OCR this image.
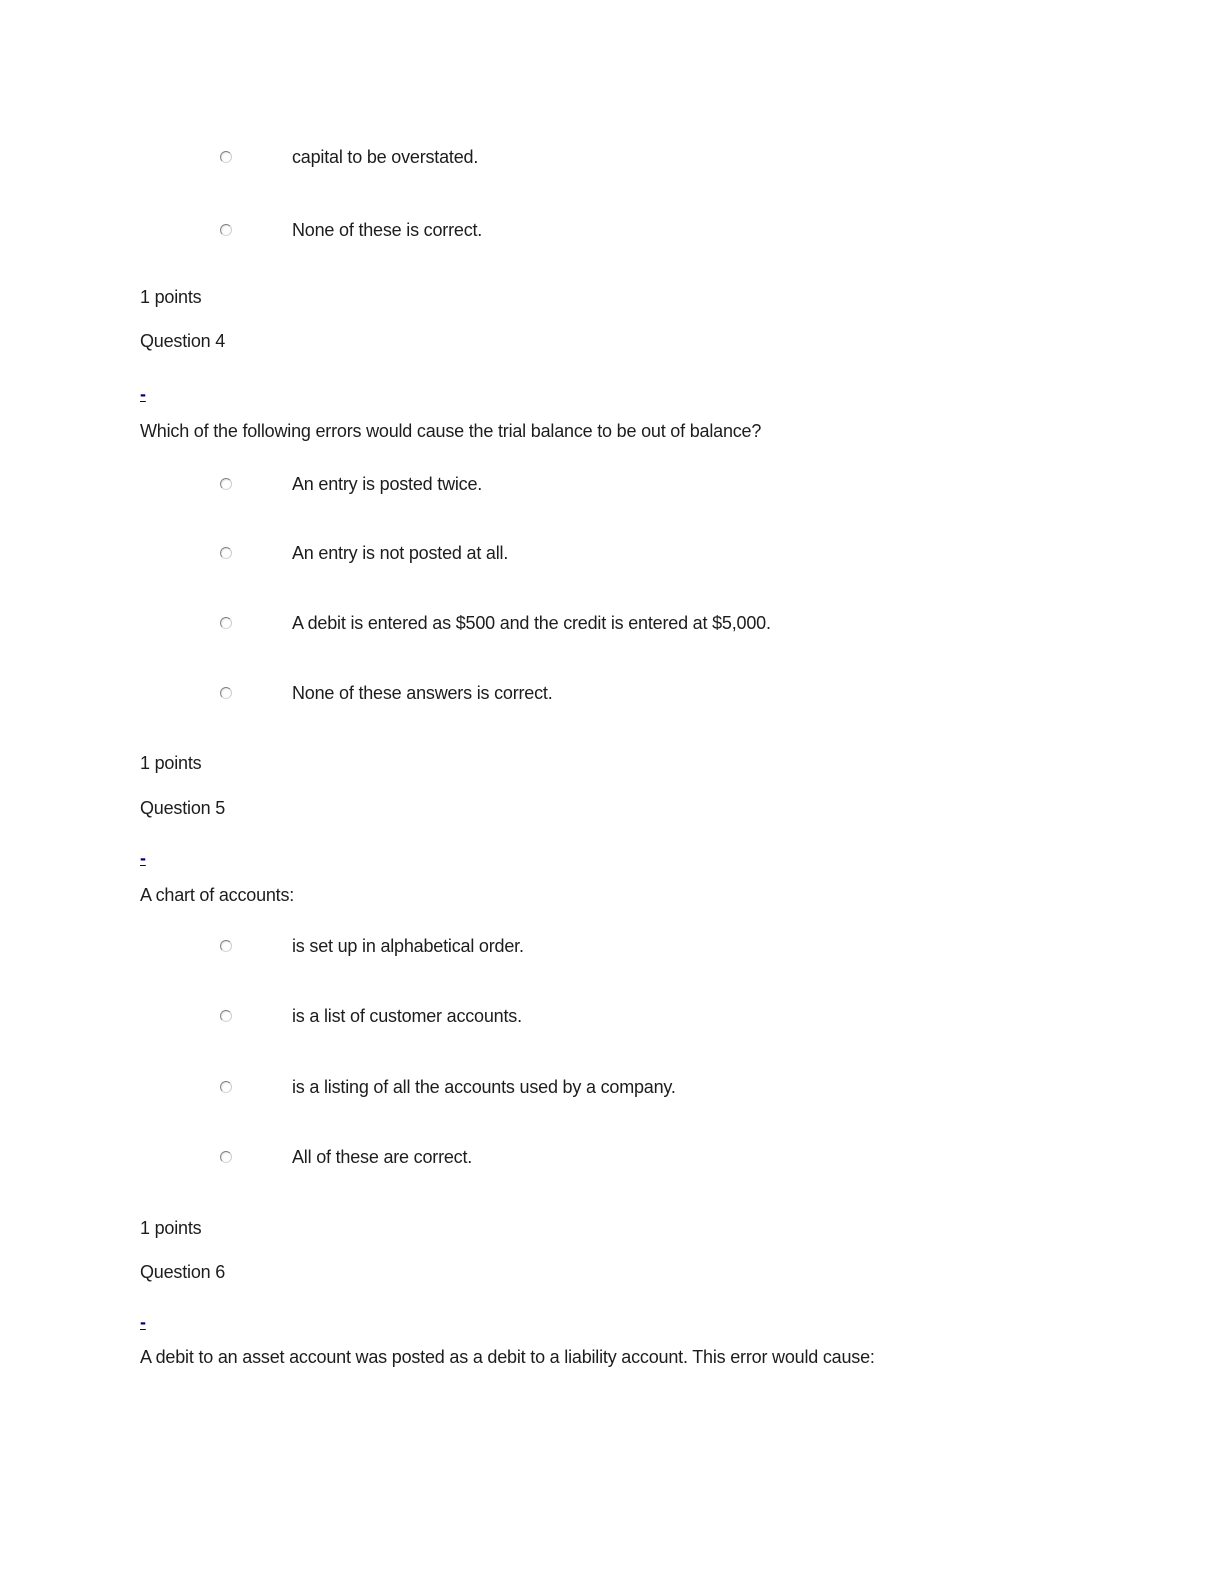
capital to be overstated.
None of these is correct.
1 points
Question 4
-
Which of the following errors would cause the trial balance to be out of balance?
An entry is posted twice.
An entry is not posted at all.
A debit is entered as $500 and the credit is entered at $5,000.
None of these answers is correct.
1 points
Question 5
-
A chart of accounts:
is set up in alphabetical order.
is a list of customer accounts.
is a listing of all the accounts used by a company.
All of these are correct.
1 points
Question 6
-
A debit to an asset account was posted as a debit to a liability account. This error would cause:
